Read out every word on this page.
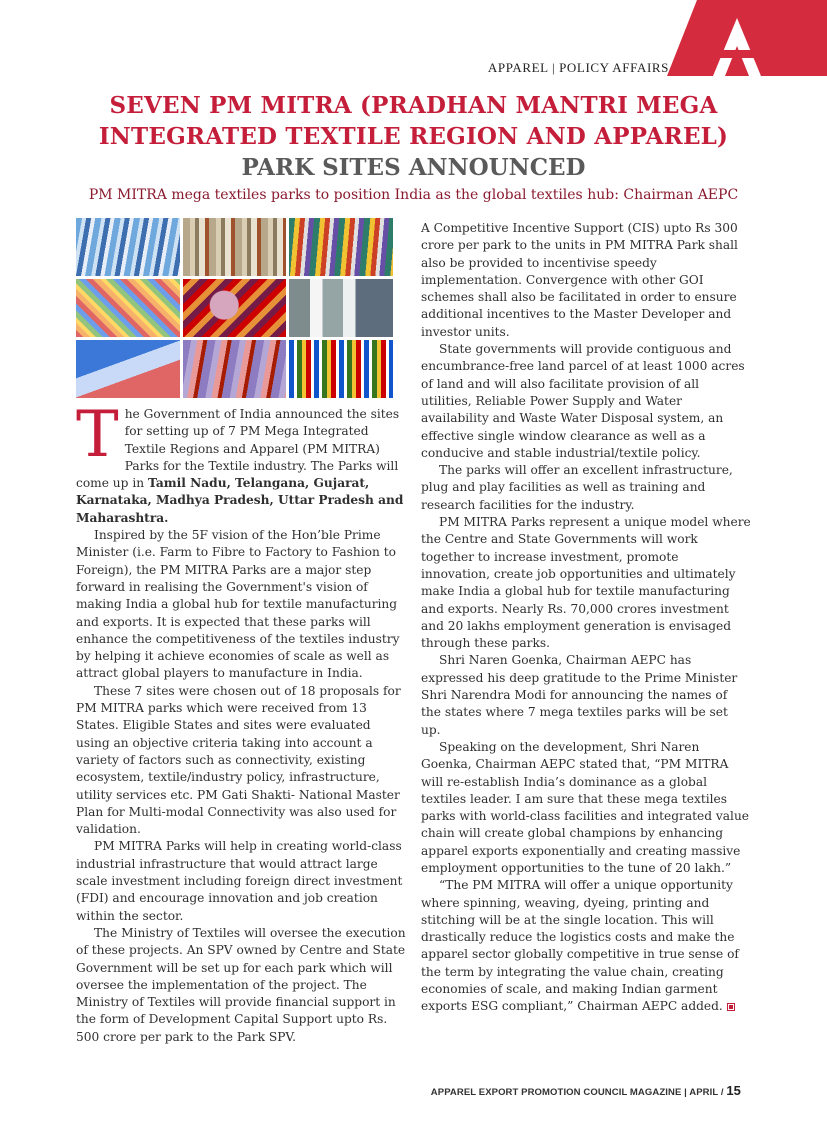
APPAREL | POLICY AFFAIRS
SEVEN PM MITRA (PRADHAN MANTRI MEGA
INTEGRATED TEXTILE REGION AND APPAREL)
PARK SITES ANNOUNCED
PM MITRA mega textiles parks to position India as the global textiles hub: Chairman AEPC

The Government of India announced the sites for setting up of 7 PM Mega Integrated Textile Regions and Apparel (PM MITRA) Parks for the Textile industry. The Parks will come up in Tamil Nadu, Telangana, Gujarat, Karnataka, Madhya Pradesh, Uttar Pradesh and Maharashtra.

Inspired by the 5F vision of the Hon’ble Prime Minister (i.e. Farm to Fibre to Factory to Fashion to Foreign), the PM MITRA Parks are a major step forward in realising the Government's vision of making India a global hub for textile manufacturing and exports. It is expected that these parks will enhance the competitiveness of the textiles industry by helping it achieve economies of scale as well as attract global players to manufacture in India.

These 7 sites were chosen out of 18 proposals for PM MITRA parks which were received from 13 States. Eligible States and sites were evaluated using an objective criteria taking into account a variety of factors such as connectivity, existing ecosystem, textile/industry policy, infrastructure, utility services etc. PM Gati Shakti- National Master Plan for Multi-modal Connectivity was also used for validation.

PM MITRA Parks will help in creating world-class industrial infrastructure that would attract large scale investment including foreign direct investment (FDI) and encourage innovation and job creation within the sector.

The Ministry of Textiles will oversee the execution of these projects. An SPV owned by Centre and State Government will be set up for each park which will oversee the implementation of the project. The Ministry of Textiles will provide financial support in the form of Development Capital Support upto Rs. 500 crore per park to the Park SPV.

A Competitive Incentive Support (CIS) upto Rs 300 crore per park to the units in PM MITRA Park shall also be provided to incentivise speedy implementation. Convergence with other GOI schemes shall also be facilitated in order to ensure additional incentives to the Master Developer and investor units.

State governments will provide contiguous and encumbrance-free land parcel of at least 1000 acres of land and will also facilitate provision of all utilities, Reliable Power Supply and Water availability and Waste Water Disposal system, an effective single window clearance as well as a conducive and stable industrial/textile policy.

The parks will offer an excellent infrastructure, plug and play facilities as well as training and research facilities for the industry.

PM MITRA Parks represent a unique model where the Centre and State Governments will work together to increase investment, promote innovation, create job opportunities and ultimately make India a global hub for textile manufacturing and exports. Nearly Rs. 70,000 crores investment and 20 lakhs employment generation is envisaged through these parks.

Shri Naren Goenka, Chairman AEPC has expressed his deep gratitude to the Prime Minister Shri Narendra Modi for announcing the names of the states where 7 mega textiles parks will be set up.

Speaking on the development, Shri Naren Goenka, Chairman AEPC stated that, “PM MITRA will re-establish India’s dominance as a global textiles leader. I am sure that these mega textiles parks with world-class facilities and integrated value chain will create global champions by enhancing apparel exports exponentially and creating massive employment opportunities to the tune of 20 lakh.”

“The PM MITRA will offer a unique opportunity where spinning, weaving, dyeing, printing and stitching will be at the single location. This will drastically reduce the logistics costs and make the apparel sector globally competitive in true sense of the term by integrating the value chain, creating economies of scale, and making Indian garment exports ESG compliant,” Chairman AEPC added.

APPAREL EXPORT PROMOTION COUNCIL MAGAZINE | APRIL / 15
